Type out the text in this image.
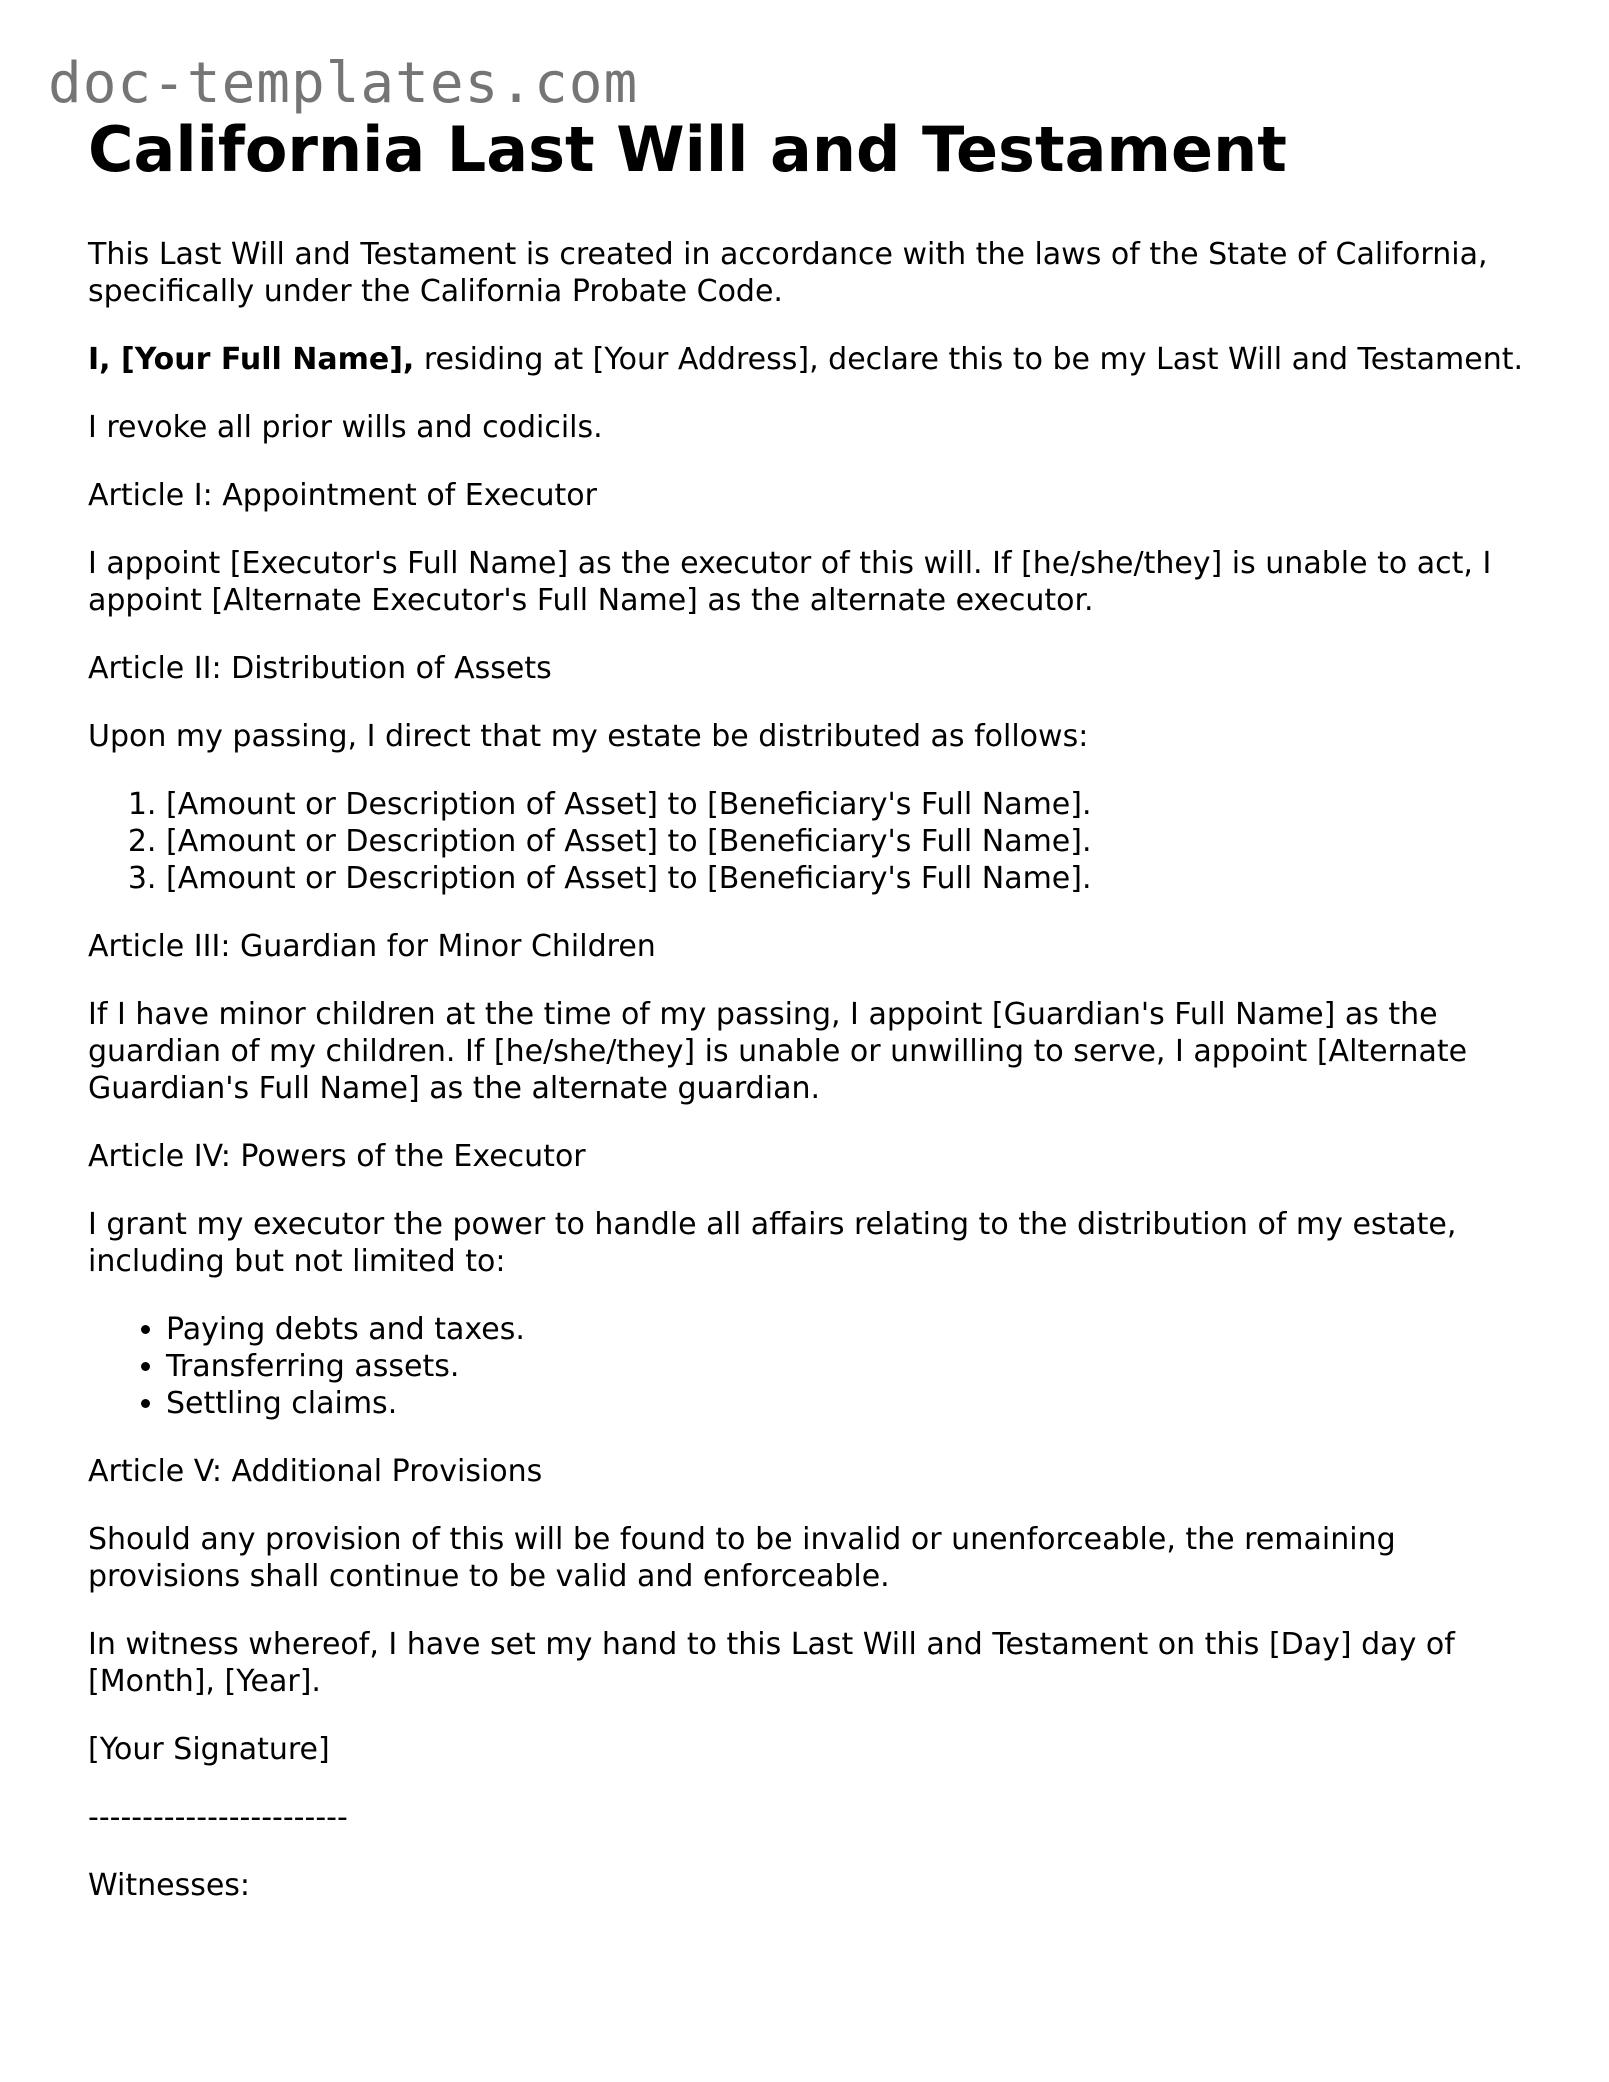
doc-templates.com
California Last Will and Testament

This Last Will and Testament is created in accordance with the laws of the State of California, specifically under the California Probate Code.

I, [Your Full Name], residing at [Your Address], declare this to be my Last Will and Testament.

I revoke all prior wills and codicils.

Article I: Appointment of Executor

I appoint [Executor's Full Name] as the executor of this will. If [he/she/they] is unable to act, I appoint [Alternate Executor's Full Name] as the alternate executor.

Article II: Distribution of Assets

Upon my passing, I direct that my estate be distributed as follows:

1. [Amount or Description of Asset] to [Beneficiary's Full Name].
2. [Amount or Description of Asset] to [Beneficiary's Full Name].
3. [Amount or Description of Asset] to [Beneficiary's Full Name].

Article III: Guardian for Minor Children

If I have minor children at the time of my passing, I appoint [Guardian's Full Name] as the guardian of my children. If [he/she/they] is unable or unwilling to serve, I appoint [Alternate Guardian's Full Name] as the alternate guardian.

Article IV: Powers of the Executor

I grant my executor the power to handle all affairs relating to the distribution of my estate, including but not limited to:

• Paying debts and taxes.
• Transferring assets.
• Settling claims.

Article V: Additional Provisions

Should any provision of this will be found to be invalid or unenforceable, the remaining provisions shall continue to be valid and enforceable.

In witness whereof, I have set my hand to this Last Will and Testament on this [Day] day of [Month], [Year].

[Your Signature]

------------------------

Witnesses:
